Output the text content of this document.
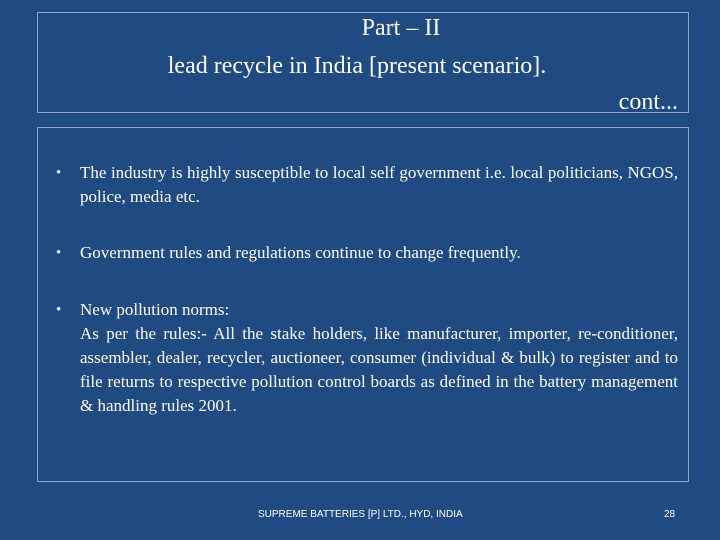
Part – II
lead recycle in India [present scenario].
cont...
• The industry is highly susceptible to local self government i.e. local politicians, NGOS, police, media etc.
• Government rules and regulations continue to change frequently.
• New pollution norms:
As per the rules:- All the stake holders, like manufacturer, importer, re-conditioner, assembler, dealer, recycler, auctioneer, consumer (individual & bulk) to register and to file returns to respective pollution control boards as defined in the battery management & handling rules 2001.
SUPREME BATTERIES [P] LTD., HYD, INDIA	28
